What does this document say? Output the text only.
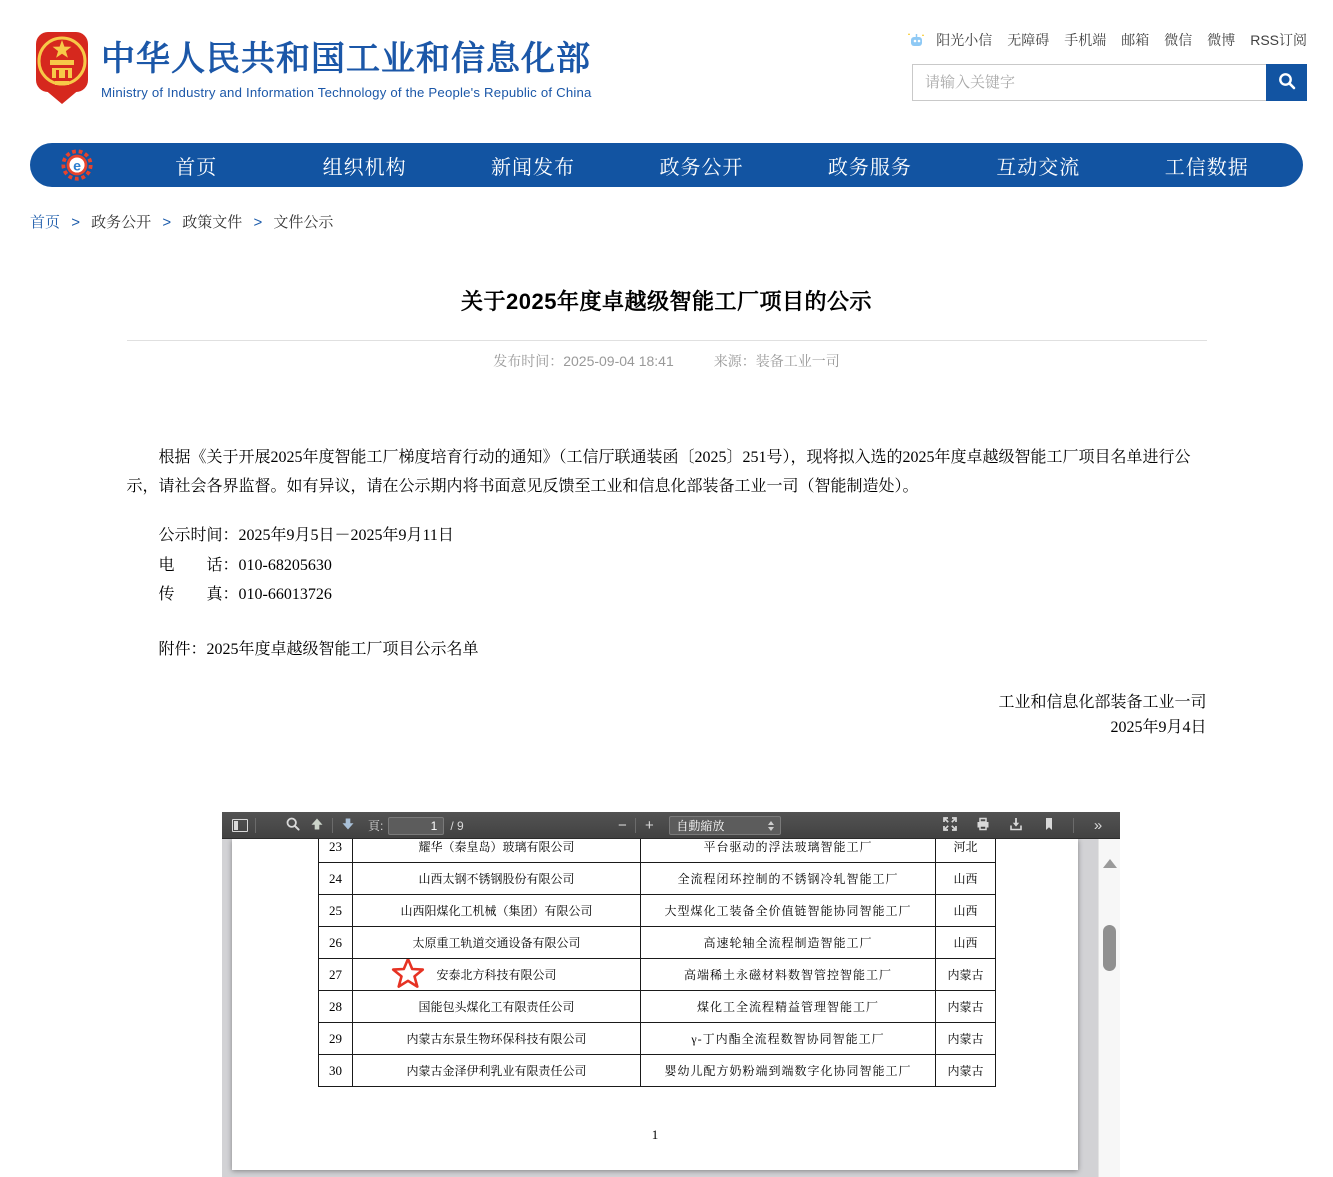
中华人民共和国工业和信息化部
Ministry of Industry and Information Technology of the People's Republic of China
阳光小信 无障碍 手机端 邮箱 微信 微博 RSS订阅
请输入关键字
e	首页	组织机构	新闻发布	政务公开	政务服务	互动交流	工信数据
首页 > 政务公开 > 政策文件 > 文件公示
关于2025年度卓越级智能工厂项目的公示
发布时间：2025-09-04 18:41	来源：装备工业一司

根据《关于开展2025年度智能工厂梯度培育行动的通知》（工信厅联通装函〔2025〕251号），现将拟入选的2025年度卓越级智能工厂项目名单进行公示，请社会各界监督。如有异议，请在公示期内将书面意见反馈至工业和信息化部装备工业一司（智能制造处）。

公示时间：2025年9月5日－2025年9月11日

电　　话：010-68205630

传　　真：010-66013726

附件：2025年度卓越级智能工厂项目公示名单

工业和信息化部装备工业一司

2025年9月4日

頁:
1	/ 9	−	+	自動縮放	»
23	耀华（秦皇岛）玻璃有限公司	平台驱动的浮法玻璃智能工厂	河北
24	山西太钢不锈钢股份有限公司	全流程闭环控制的不锈钢冷轧智能工厂	山西
25	山西阳煤化工机械（集团）有限公司	大型煤化工装备全价值链智能协同智能工厂	山西
26	太原重工轨道交通设备有限公司	高速轮轴全流程制造智能工厂	山西
27	安泰北方科技有限公司	高端稀土永磁材料数智管控智能工厂	内蒙古
28	国能包头煤化工有限责任公司	煤化工全流程精益管理智能工厂	内蒙古
29	内蒙古东景生物环保科技有限公司	γ-丁内酯全流程数智协同智能工厂	内蒙古
30	内蒙古金泽伊利乳业有限责任公司	婴幼儿配方奶粉端到端数字化协同智能工厂	内蒙古
1
